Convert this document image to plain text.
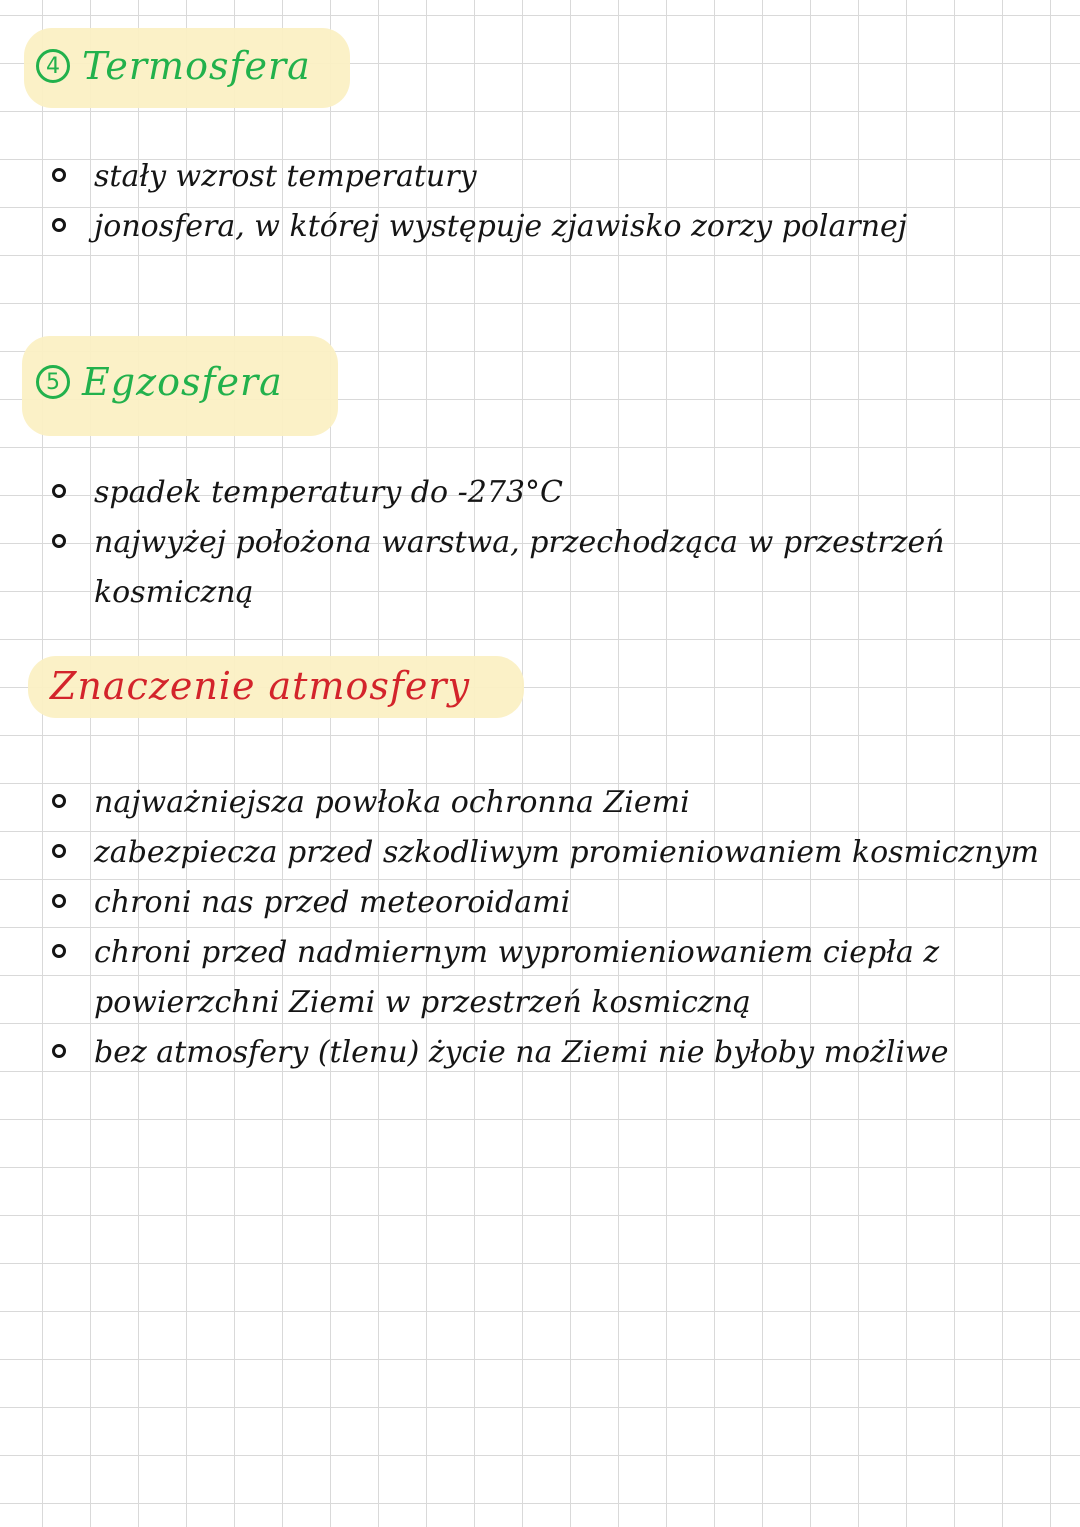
4 Termosfera
stały wzrost temperatury
jonosfera, w której występuje zjawisko zorzy polarnej
5 Egzosfera
spadek temperatury do -273°C
najwyżej położona warstwa, przechodząca w przestrzeń kosmiczną
Znaczenie atmosfery
najważniejsza powłoka ochronna Ziemi
zabezpiecza przed szkodliwym promieniowaniem kosmicznym
chroni nas przed meteoroidami
chroni przed nadmiernym wypromieniowaniem ciepła z powierzchni Ziemi w przestrzeń kosmiczną
bez atmosfery (tlenu) życie na Ziemi nie byłoby możliwe
